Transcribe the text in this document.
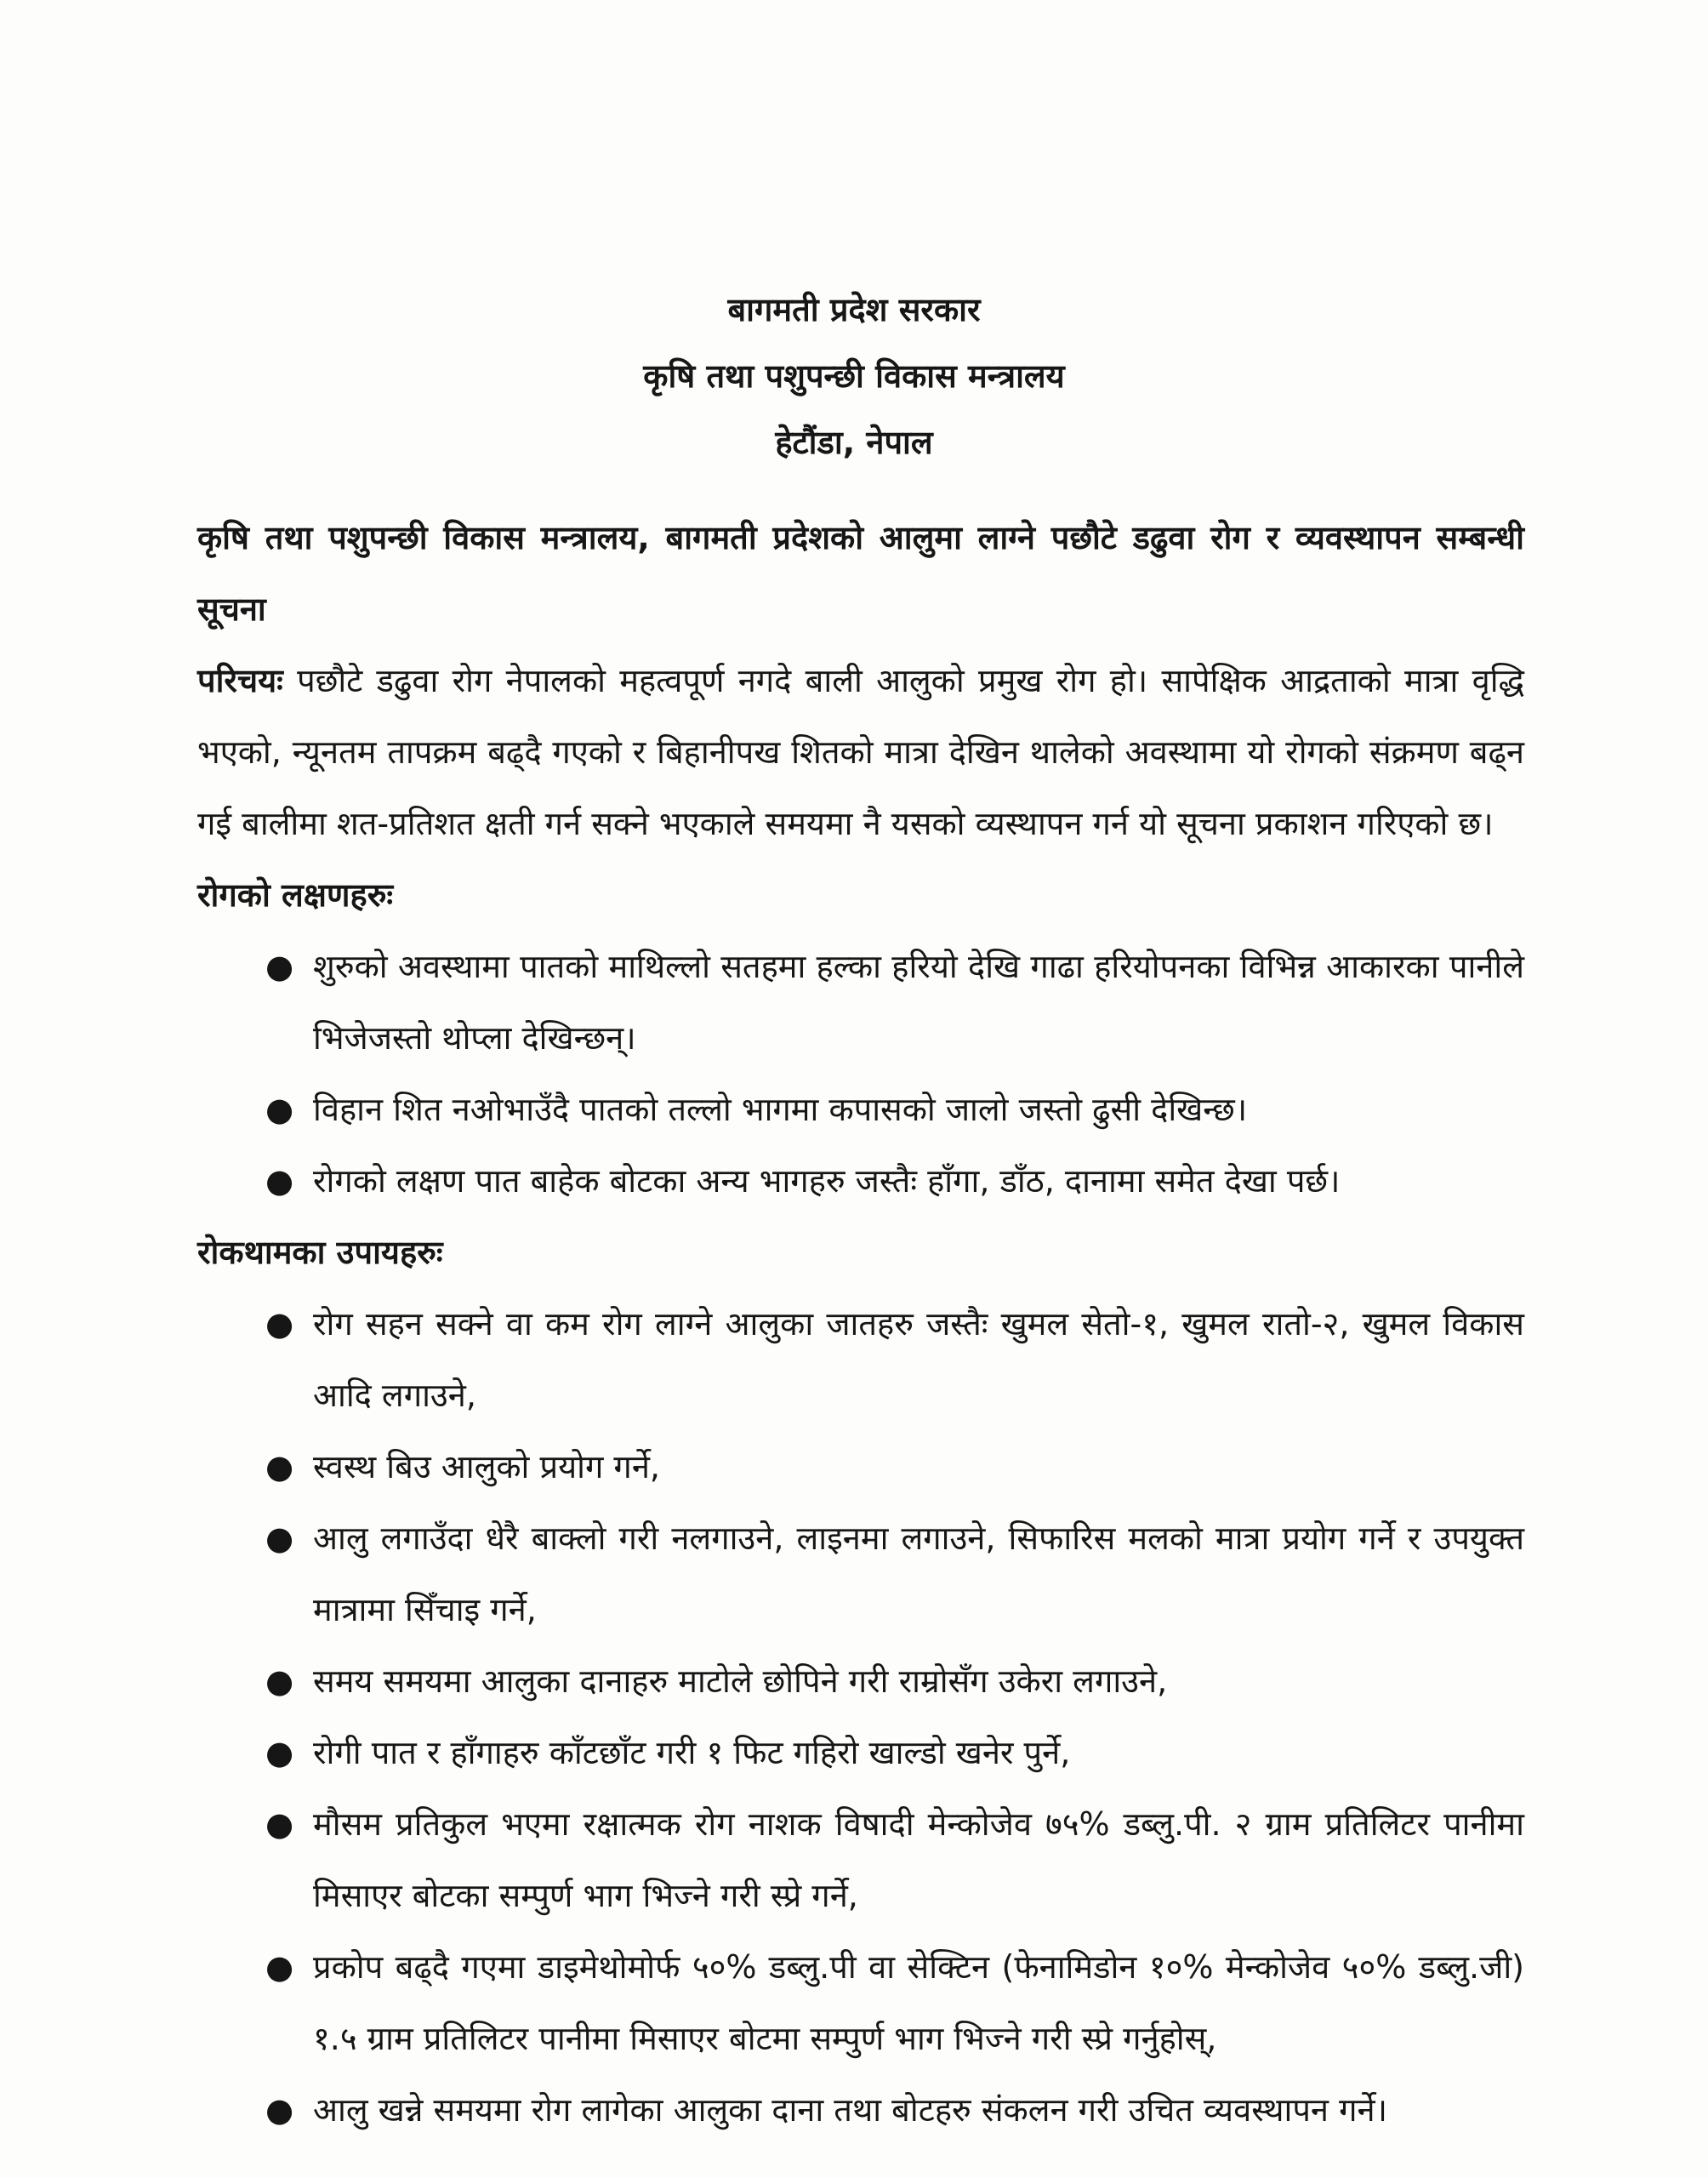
बागमती प्रदेश सरकार
कृषि तथा पशुपन्छी विकास मन्त्रालय
हेटौंडा, नेपाल

कृषि तथा पशुपन्छी विकास मन्त्रालय, बागमती प्रदेशको आलुमा लाग्ने पछौटे डढुवा रोग र व्यवस्थापन सम्बन्धी सूचना

परिचयः पछौटे डढुवा रोग नेपालको महत्वपूर्ण नगदे बाली आलुको प्रमुख रोग हो। सापेक्षिक आद्रताको मात्रा वृद्धि भएको, न्यूनतम तापक्रम बढ्दै गएको र बिहानीपख शितको मात्रा देखिन थालेको अवस्थामा यो रोगको संक्रमण बढ्न गई बालीमा शत-प्रतिशत क्षती गर्न सक्ने भएकाले समयमा नै यसको व्यस्थापन गर्न यो सूचना प्रकाशन गरिएको छ।

रोगको लक्षणहरुः

● शुरुको अवस्थामा पातको माथिल्लो सतहमा हल्का हरियो देखि गाढा हरियोपनका विभिन्न आकारका पानीले भिजेजस्तो थोप्ला देखिन्छन्।
● विहान शित नओभाउँदै पातको तल्लो भागमा कपासको जालो जस्तो ढुसी देखिन्छ।
● रोगको लक्षण पात बाहेक बोटका अन्य भागहरु जस्तैः हाँगा, डाँठ, दानामा समेत देखा पर्छ।

रोकथामका उपायहरुः

● रोग सहन सक्ने वा कम रोग लाग्ने आलुका जातहरु जस्तैः खुमल सेतो-१, खुमल रातो-२, खुमल विकास आदि लगाउने,
● स्वस्थ बिउ आलुको प्रयोग गर्ने,
● आलु लगाउँदा धेरै बाक्लो गरी नलगाउने, लाइनमा लगाउने, सिफारिस मलको मात्रा प्रयोग गर्ने र उपयुक्त मात्रामा सिँचाइ गर्ने,
● समय समयमा आलुका दानाहरु माटोले छोपिने गरी राम्रोसँग उकेरा लगाउने,
● रोगी पात र हाँगाहरु काँटछाँट गरी १ फिट गहिरो खाल्डो खनेर पुर्ने,
● मौसम प्रतिकुल भएमा रक्षात्मक रोग नाशक विषादी मेन्कोजेव ७५% डब्लु.पी. २ ग्राम प्रतिलिटर पानीमा मिसाएर बोटका सम्पुर्ण भाग भिज्ने गरी स्प्रे गर्ने,
● प्रकोप बढ्दै गएमा डाइमेथोमोर्फ ५०% डब्लु.पी वा सेक्टिन (फेनामिडोन १०% मेन्कोजेव ५०% डब्लु.जी) १.५ ग्राम प्रतिलिटर पानीमा मिसाएर बोटमा सम्पुर्ण भाग भिज्ने गरी स्प्रे गर्नुहोस्,
● आलु खन्ने समयमा रोग लागेका आलुका दाना तथा बोटहरु संकलन गरी उचित व्यवस्थापन गर्ने।
